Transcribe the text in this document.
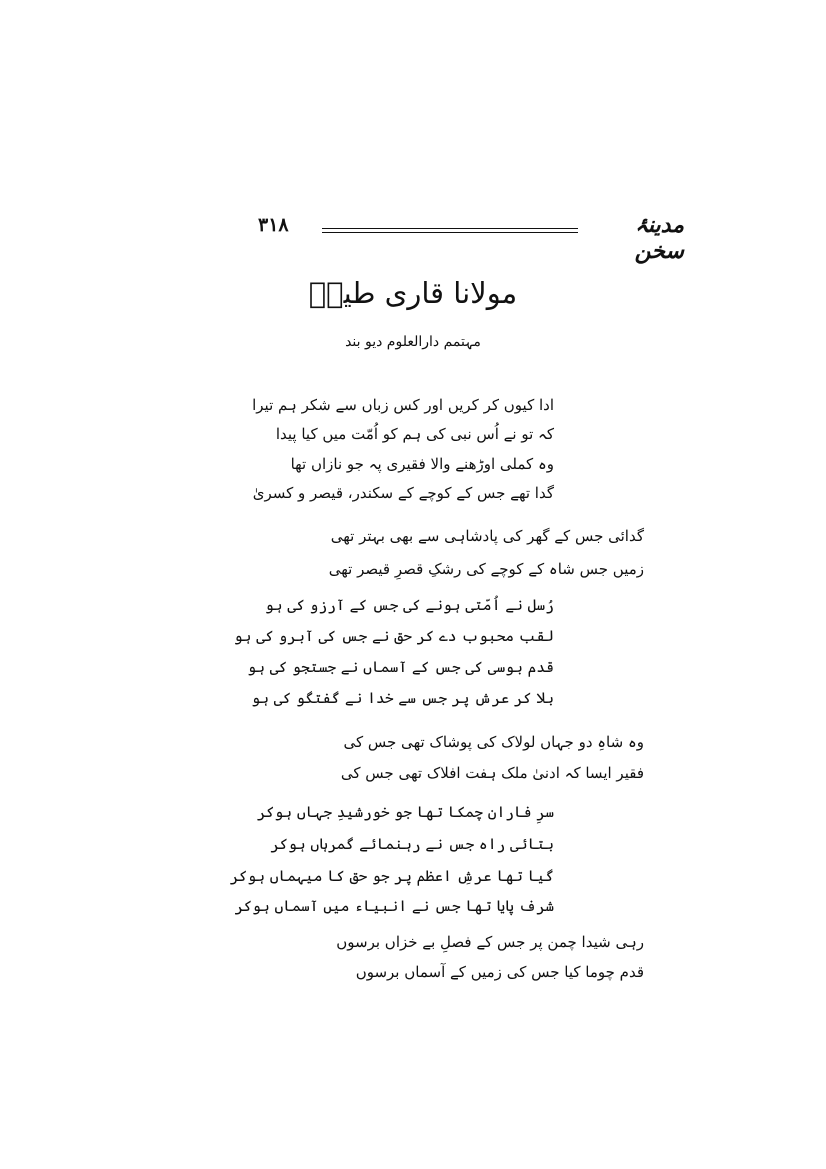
۳۱۸	مدینۂ سخن
مولانا قاری طیبؔ
مہتمم دارالعلوم دیو بند

ادا کیوں کر کریں اور کس زباں سے شکر ہم تیرا

کہ تو نے اُس نبی کی ہم کو اُمّت میں کیا پیدا

وہ کملی اوڑھنے والا فقیری پہ جو نازاں تھا

گدا تھے جس کے کوچے کے سکندر، قیصر و کسریٰ

گدائی جس کے گھر کی پادشاہی سے بھی بہتر تھی

زمیں جس شاہ کے کوچے کی رشکِ قصرِ قیصر تھی

رُسل نے اُمّتی ہونے کی جس کے آرزو کی ہو

لقب محبوب دے کر حق نے جس کی آبرو کی ہو

قدم بوسی کی جس کے آسماں نے جستجو کی ہو

بلا کر عرش پر جس سے خدا نے گفتگو کی ہو

وہ شاہِ دو جہاں لولاک کی پوشاک تھی جس کی

فقیر ایسا کہ ادنیٰ ملک ہفت افلاک تھی جس کی

سرِ فاران چمکا تھا جو خورشیدِ جہاں ہوکر

بتائی راہ جس نے رہنمائے گمرہاں ہوکر

گیا تھا عرشِ اعظم پر جو حق کا میہماں ہوکر

شرف پایا تھا جس نے انبیاء میں آسماں ہوکر

رہی شیدا چمن پر جس کے فصلِ بے خزاں برسوں

قدم چوما کیا جس کی زمیں کے آسماں برسوں
